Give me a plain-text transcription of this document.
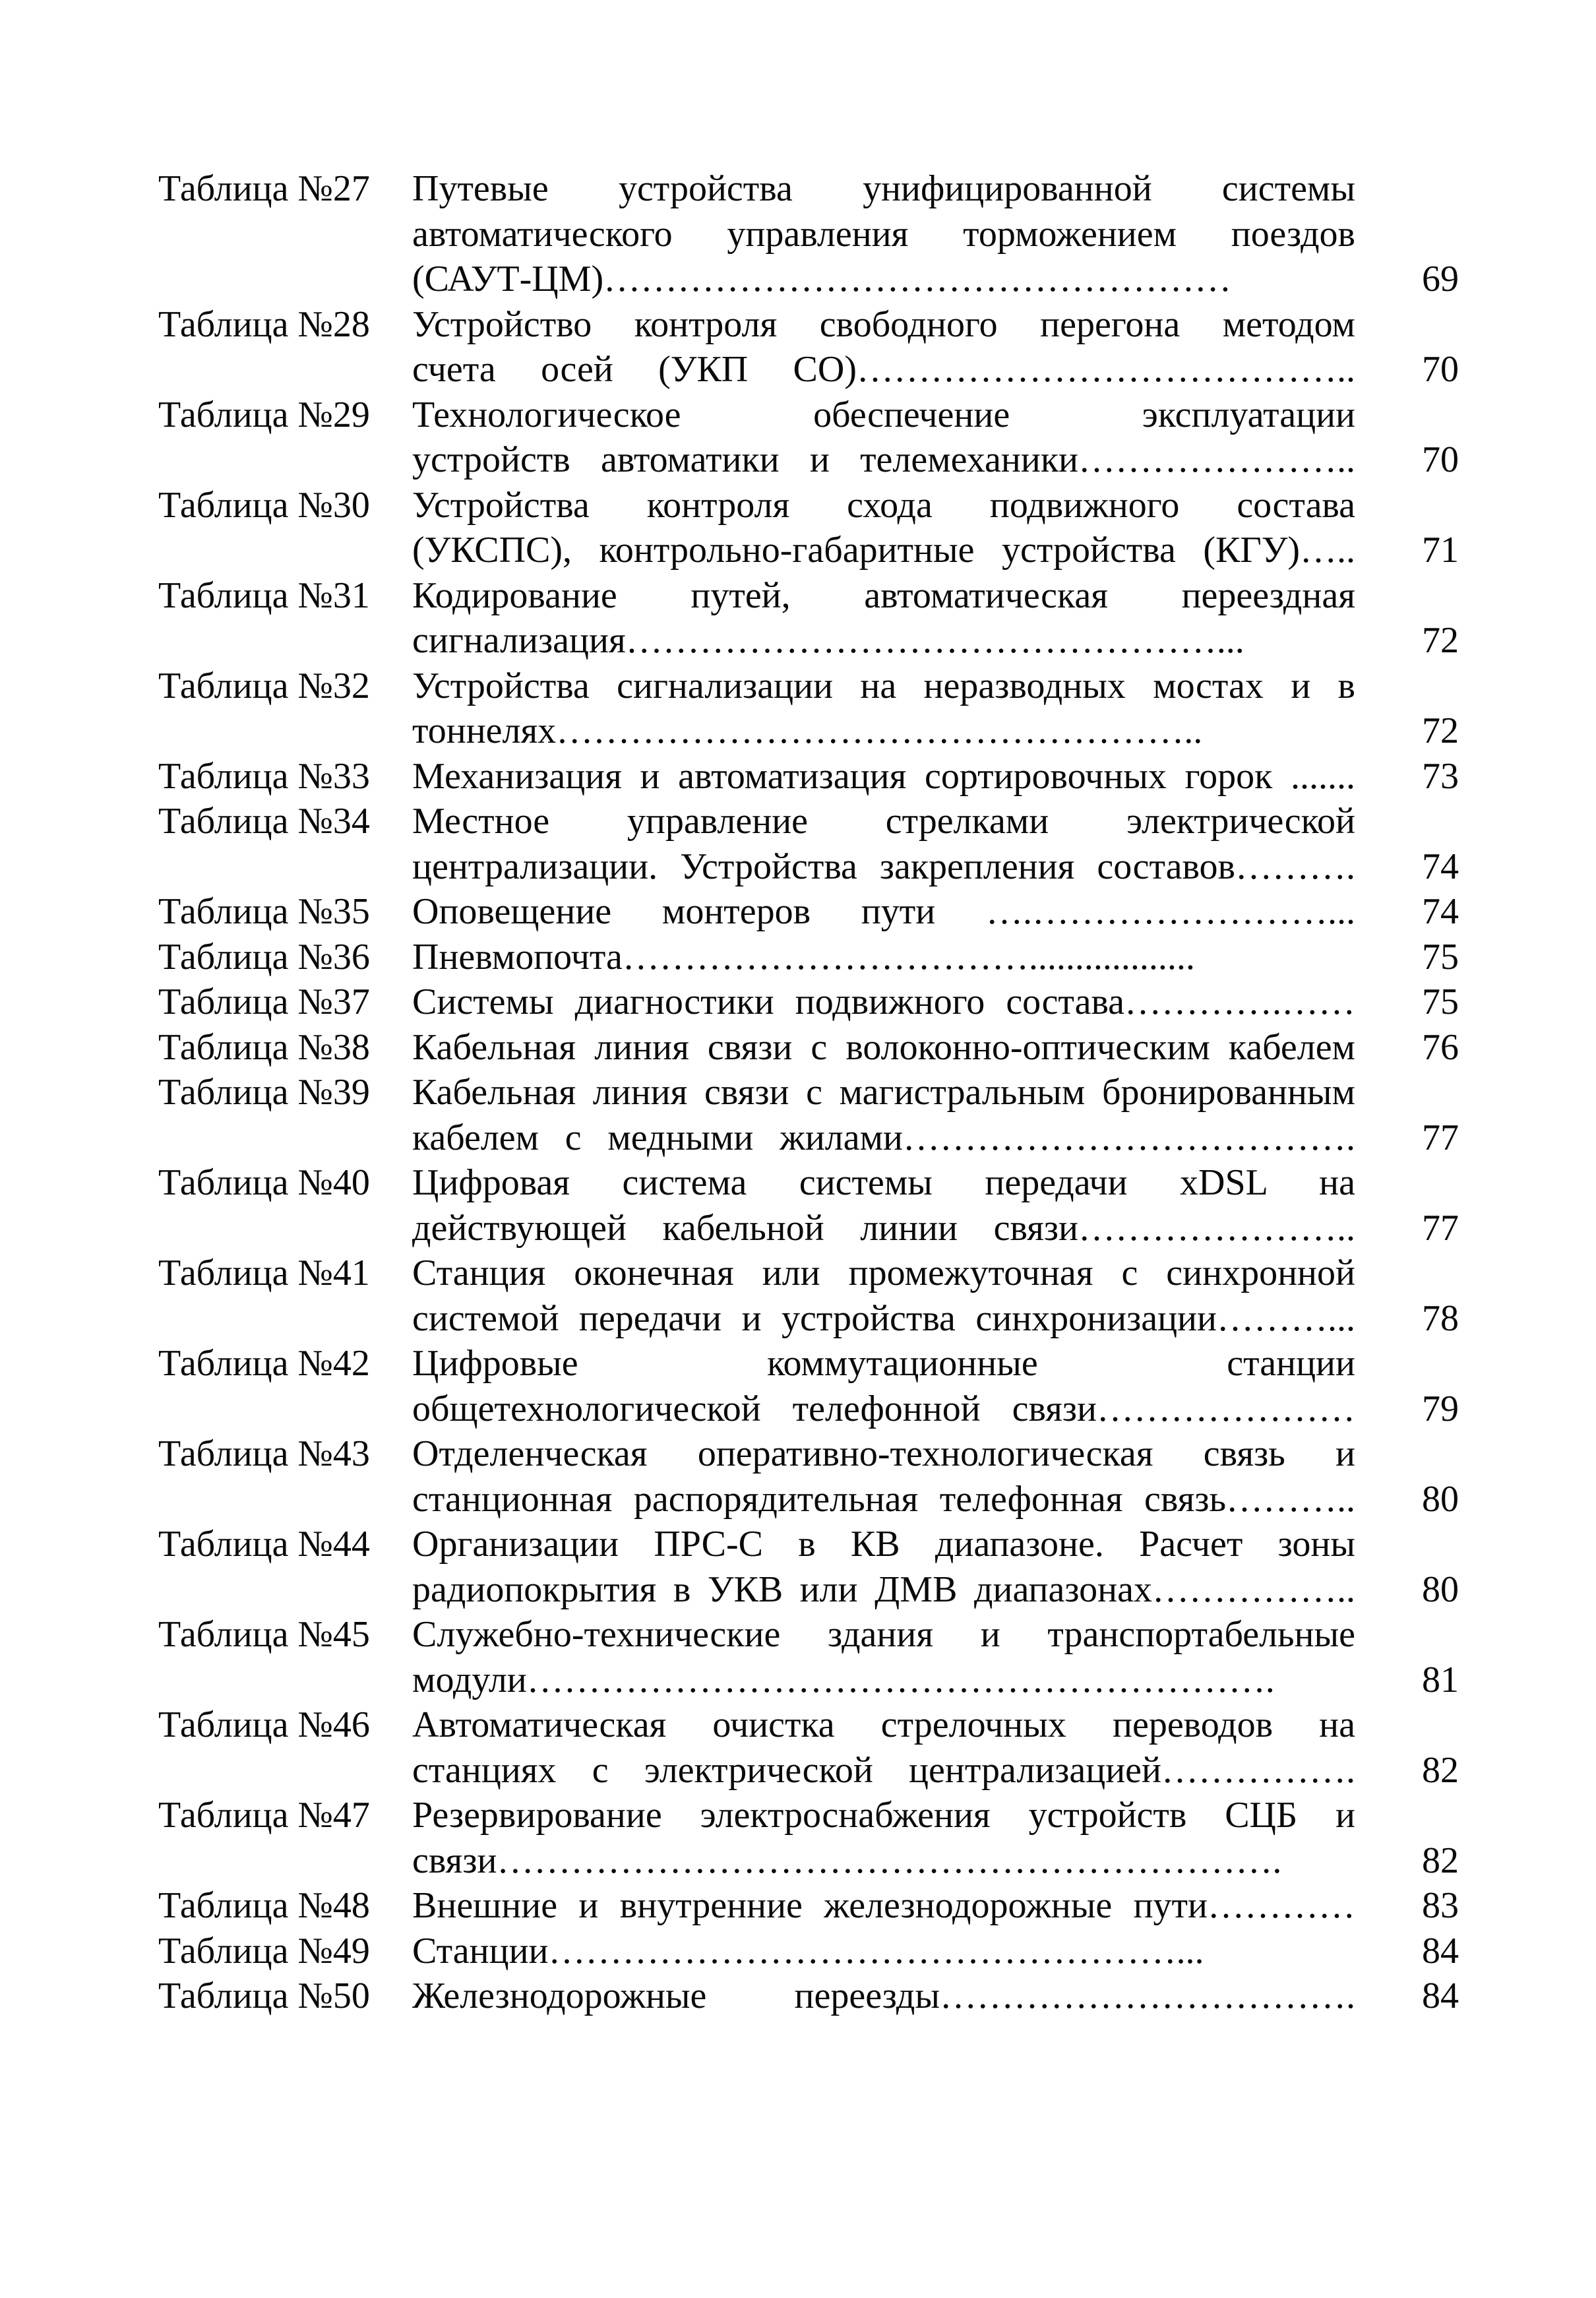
Таблица №27	Путевые устройства унифицированной системы
автоматического управления торможением поездов
(САУТ-ЦМ)……………………………………………	69
Таблица №28	Устройство контроля свободного перегона методом
счета осей (УКП СО)………………………………….. 70
Таблица №29	Технологическое обеспечение эксплуатации
устройств автоматики и телемеханики………………….. 70
Таблица №30	Устройства контроля схода подвижного состава
(УКСПС), контрольно-габаритные устройства (КГУ)….. 71
Таблица №31	Кодирование путей, автоматическая переездная
сигнализация…………………………………………...	72
Таблица №32	Устройства сигнализации на неразводных мостах и в
тоннелях……………………………………………..	72
Таблица №33	Механизация и автоматизация сортировочных горок ....... 73
Таблица №34	Местное управление стрелками электрической
централизации. Устройства закрепления составов………. 74
Таблица №35	Оповещение монтеров пути ….……………………... 74
Таблица №36	Пневмопочта……………………………..................	75
Таблица №37	Системы диагностики подвижного состава………….…… 75
Таблица №38	Кабельная линия связи с волоконно-оптическим кабелем 76
Таблица №39	Кабельная линия связи с магистральным бронированным
кабелем с медными жилами………………………………. 77
Таблица №40	Цифровая система системы передачи xDSL на
действующей кабельной линии связи………………….. 77
Таблица №41	Станция оконечная или промежуточная с синхронной
системой передачи и устройства синхронизации………... 78
Таблица №42	Цифровые коммутационные станции
общетехнологической телефонной связи………………… 79
Таблица №43	Отделенческая оперативно-технологическая связь и
станционная распорядительная телефонная связь……….. 80
Таблица №44	Организации ПРС-С в КВ диапазоне. Расчет зоны
радиопокрытия в УКВ или ДМВ диапазонах…………….. 80
Таблица №45	Служебно-технические здания и транспортабельные
модули…………………………………………………….	81
Таблица №46	Автоматическая очистка стрелочных переводов на
станциях с электрической централизацией……………. 82
Таблица №47	Резервирование электроснабжения устройств СЦБ и
связи……………………………………………………….	82
Таблица №48	Внешние и внутренние железнодорожные пути………… 83
Таблица №49	Станции……………………………………………...	84
Таблица №50	Железнодорожные переезды……………………………. 84
